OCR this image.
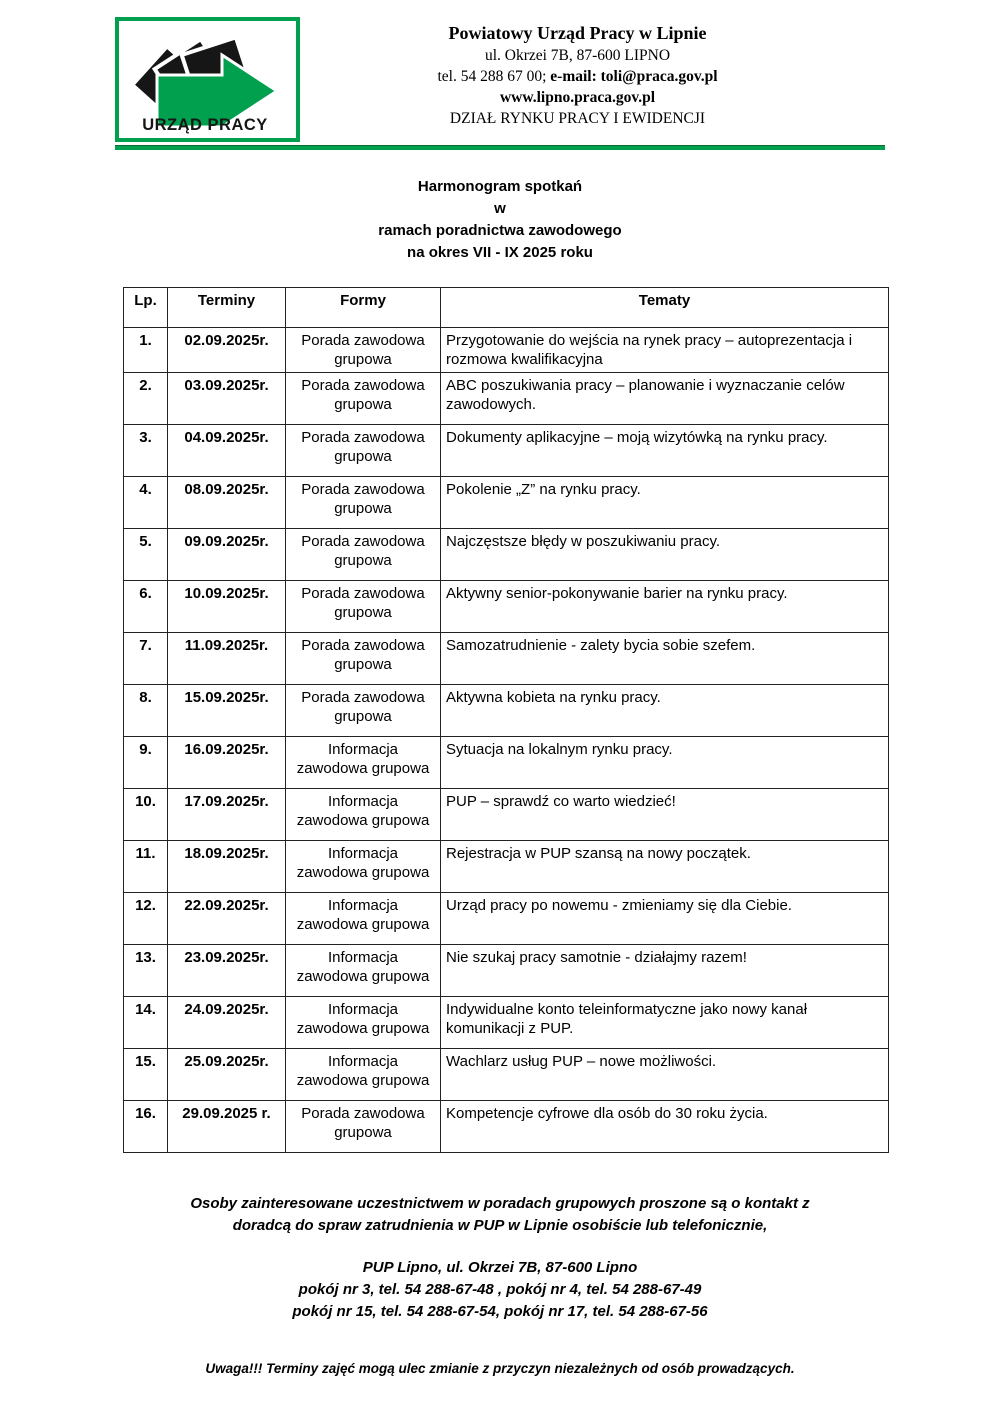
URZĄD PRACY
Powiatowy Urząd Pracy w Lipnie
ul. Okrzei 7B, 87-600 LIPNO
tel. 54 288 67 00; e-mail: toli@praca.gov.pl
www.lipno.praca.gov.pl
DZIAŁ RYNKU PRACY I EWIDENCJI
Harmonogram spotkań
w
ramach poradnictwa zawodowego
na okres VII - IX 2025 roku
Lp.	Terminy	Formy	Tematy
1.	02.09.2025r.	Porada zawodowa grupowa	Przygotowanie do wejścia na rynek pracy – autoprezentacja i rozmowa kwalifikacyjna
2.	03.09.2025r.	Porada zawodowa grupowa	ABC poszukiwania pracy – planowanie i wyznaczanie celów zawodowych.
3.	04.09.2025r.	Porada zawodowa grupowa	Dokumenty aplikacyjne – moją wizytówką na rynku pracy.
4.	08.09.2025r.	Porada zawodowa grupowa	Pokolenie „Z” na rynku pracy.
5.	09.09.2025r.	Porada zawodowa grupowa	Najczęstsze błędy w poszukiwaniu pracy.
6.	10.09.2025r.	Porada zawodowa grupowa	Aktywny senior-pokonywanie barier na rynku pracy.
7.	11.09.2025r.	Porada zawodowa grupowa	Samozatrudnienie - zalety bycia sobie szefem.
8.	15.09.2025r.	Porada zawodowa grupowa	Aktywna kobieta na rynku pracy.
9.	16.09.2025r.	Informacja zawodowa grupowa	Sytuacja na lokalnym rynku pracy.
10.	17.09.2025r.	Informacja zawodowa grupowa	PUP – sprawdź co warto wiedzieć!
11.	18.09.2025r.	Informacja zawodowa grupowa	Rejestracja w PUP szansą na nowy początek.
12.	22.09.2025r.	Informacja zawodowa grupowa	Urząd pracy po nowemu - zmieniamy się dla Ciebie.
13.	23.09.2025r.	Informacja zawodowa grupowa	Nie szukaj pracy samotnie - działajmy razem!
14.	24.09.2025r.	Informacja zawodowa grupowa	Indywidualne konto teleinformatyczne jako nowy kanał komunikacji z PUP.
15.	25.09.2025r.	Informacja zawodowa grupowa	Wachlarz usług PUP – nowe możliwości.
16.	29.09.2025 r.	Porada zawodowa grupowa	Kompetencje cyfrowe dla osób do 30 roku życia.
Osoby zainteresowane uczestnictwem w poradach grupowych proszone są o kontakt z
doradcą do spraw zatrudnienia w PUP w Lipnie osobiście lub telefonicznie,
PUP Lipno, ul. Okrzei 7B, 87-600 Lipno
pokój nr 3, tel. 54 288-67-48 , pokój nr 4, tel. 54 288-67-49
pokój nr 15, tel. 54 288-67-54, pokój nr 17, tel. 54 288-67-56
Uwaga!!! Terminy zajęć mogą ulec zmianie z przyczyn niezależnych od osób prowadzących.
